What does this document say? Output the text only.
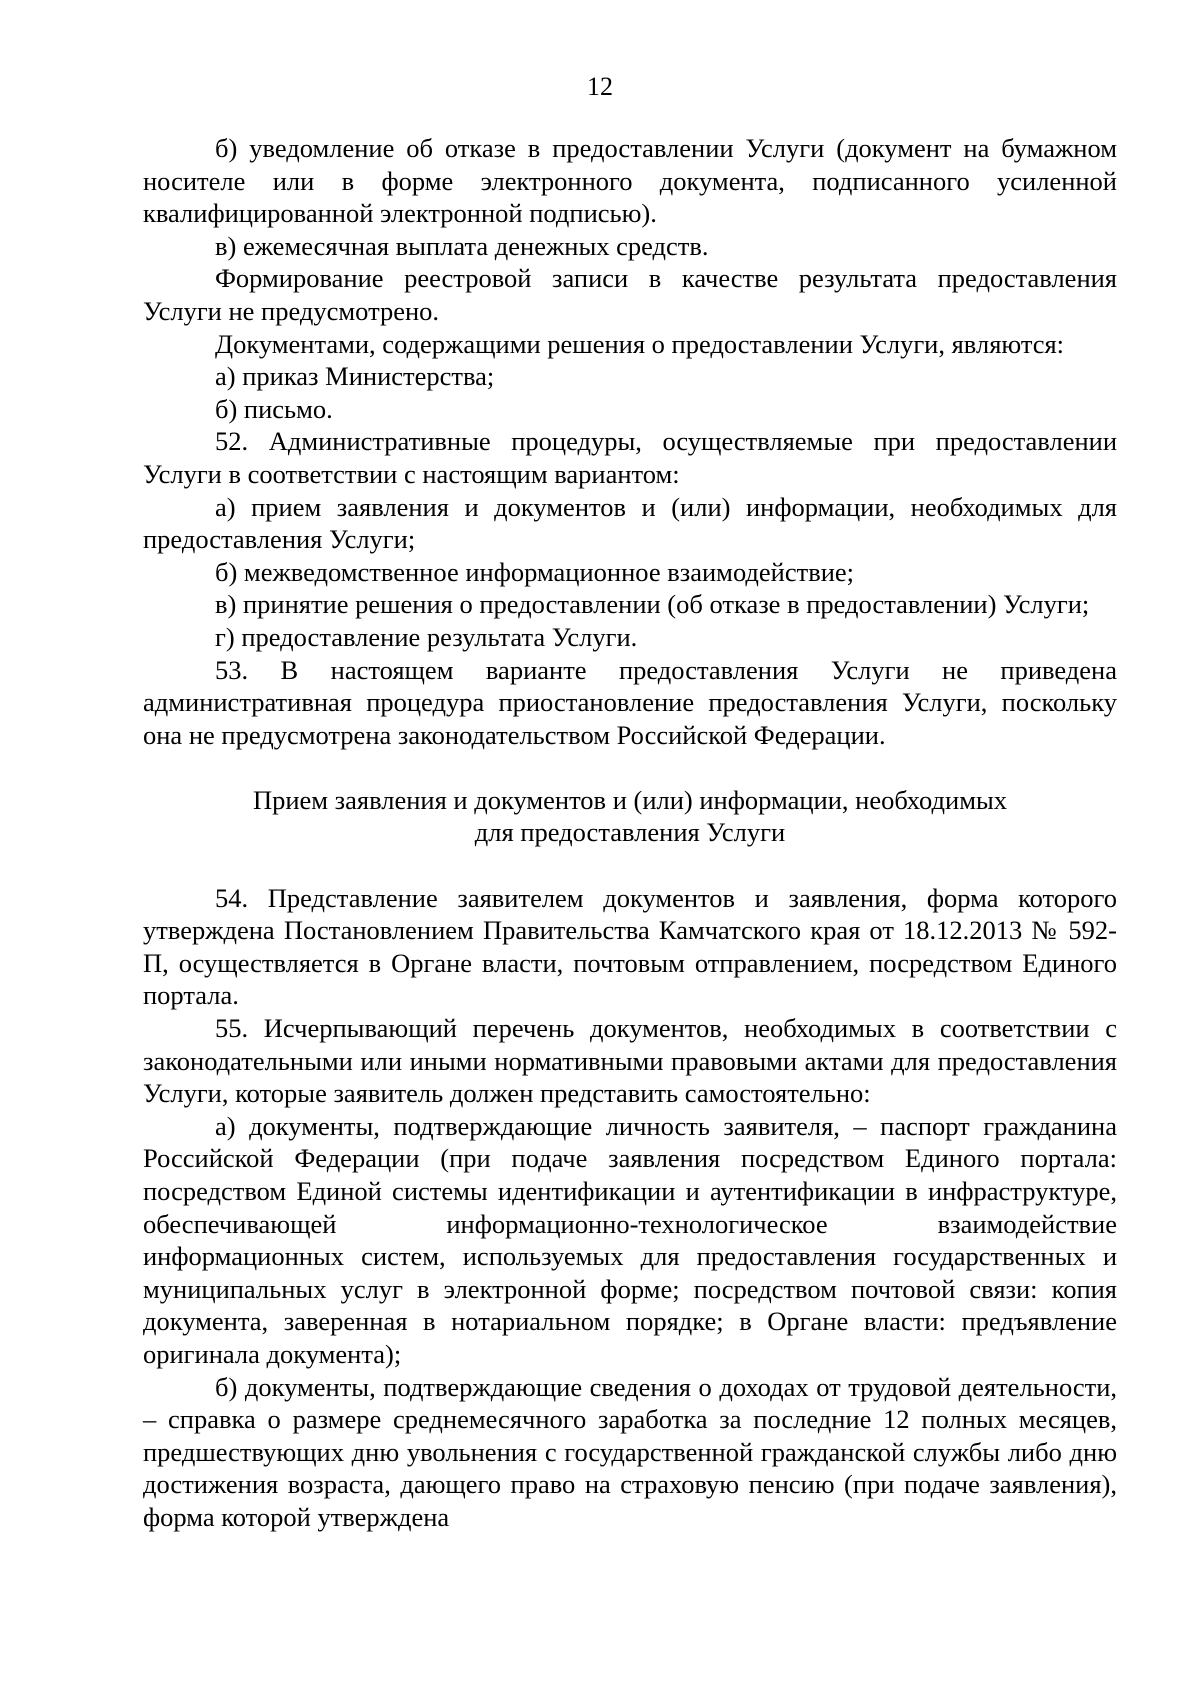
12

б) уведомление об отказе в предоставлении Услуги (документ на бумажном носителе или в форме электронного документа, подписанного усиленной квалифицированной электронной подписью).

в) ежемесячная выплата денежных средств.

Формирование реестровой записи в качестве результата предоставления Услуги не предусмотрено.

Документами, содержащими решения о предоставлении Услуги, являются:

а) приказ Министерства;

б) письмо.

52. Административные процедуры, осуществляемые при предоставлении Услуги в соответствии с настоящим вариантом:

а) прием заявления и документов и (или) информации, необходимых для предоставления Услуги;

б) межведомственное информационное взаимодействие;

в) принятие решения о предоставлении (об отказе в предоставлении) Услуги;

г) предоставление результата Услуги.

53. В настоящем варианте предоставления Услуги не приведена административная процедура приостановление предоставления Услуги, поскольку она не предусмотрена законодательством Российской Федерации.

Прием заявления и документов и (или) информации, необходимых

для предоставления Услуги

54. Представление заявителем документов и заявления, форма которого утверждена Постановлением Правительства Камчатского края от 18.12.2013 № 592-П, осуществляется в Органе власти, почтовым отправлением, посредством Единого портала.

55. Исчерпывающий перечень документов, необходимых в соответствии с законодательными или иными нормативными правовыми актами для предоставления Услуги, которые заявитель должен представить самостоятельно:

а) документы, подтверждающие личность заявителя, – паспорт гражданина Российской Федерации (при подаче заявления посредством Единого портала: посредством Единой системы идентификации и аутентификации в инфраструктуре, обеспечивающей информационно-технологическое взаимодействие информационных систем, используемых для предоставления государственных и муниципальных услуг в электронной форме; посредством почтовой связи: копия документа, заверенная в нотариальном порядке; в Органе власти: предъявление оригинала документа);

б) документы, подтверждающие сведения о доходах от трудовой деятельности, – справка о размере среднемесячного заработка за последние 12 полных месяцев, предшествующих дню увольнения с государственной гражданской службы либо дню достижения возраста, дающего право на страховую пенсию (при подаче заявления), форма которой утверждена
